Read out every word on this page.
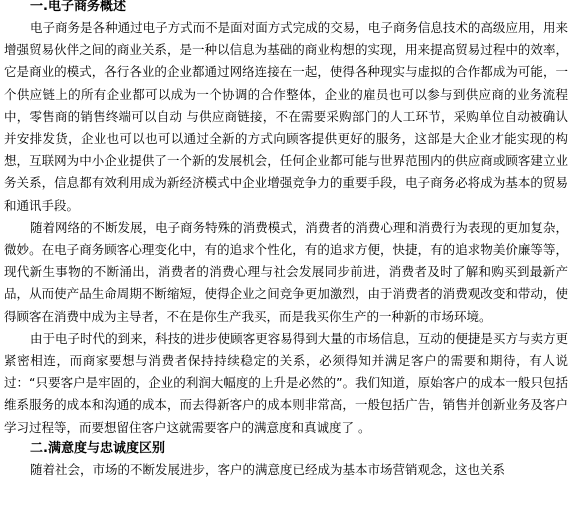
一.电子商务概述

电子商务是各种通过电子方式而不是面对面方式完成的交易，电子商务信息技术的高级应用，用来增强贸易伙伴之间的商业关系，是一种以信息为基础的商业构想的实现，用来提高贸易过程中的效率，它是商业的模式，各行各业的企业都通过网络连接在一起，使得各种现实与虚拟的合作都成为可能，一个供应链上的所有企业都可以成为一个协调的合作整体，企业的雇员也可以参与到供应商的业务流程中，零售商的销售终端可以自动 与供应商链接，不在需要采购部门的人工环节，采购单位自动被确认并安排发货，企业也可以也可以通过全新的方式向顾客提供更好的服务，这部是大企业才能实现的构想，互联网为中小企业提供了一个新的发展机会，任何企业都可能与世界范围内的供应商或顾客建立业务关系，信息都有效利用成为新经济模式中企业增强竞争力的重要手段，电子商务必将成为基本的贸易和通讯手段。

随着网络的不断发展，电子商务特殊的消费模式，消费者的消费心理和消费行为表现的更加复杂，微妙。在电子商务顾客心理变化中，有的追求个性化，有的追求方便，快捷，有的追求物美价廉等等，现代新生事物的不断涌出，消费者的消费心理与社会发展同步前进，消费者及时了解和购买到最新产品，从而使产品生命周期不断缩短，使得企业之间竞争更加激烈，由于消费者的消费观改变和带动，使得顾客在消费中成为主导者，不在是你生产我买，而是我买你生产的一种新的市场环境。

由于电子时代的到来，科技的进步使顾客更容易得到大量的市场信息，互动的便捷是买方与卖方更紧密相连，而商家要想与消费者保持持续稳定的关系，必须得知并满足客户的需要和期待，有人说过：“只要客户是牢固的，企业的利润大幅度的上升是必然的”。我们知道，原始客户的成本一般只包括维系服务的成本和沟通的成本，而去得新客户的成本则非常高，一般包括广告，销售并创新业务及客户学习过程等，而要想留住客户这就需要客户的满意度和真诚度了 。

二.满意度与忠诚度区别

随着社会，市场的不断发展进步，客户的满意度已经成为基本市场营销观念，这也关系
